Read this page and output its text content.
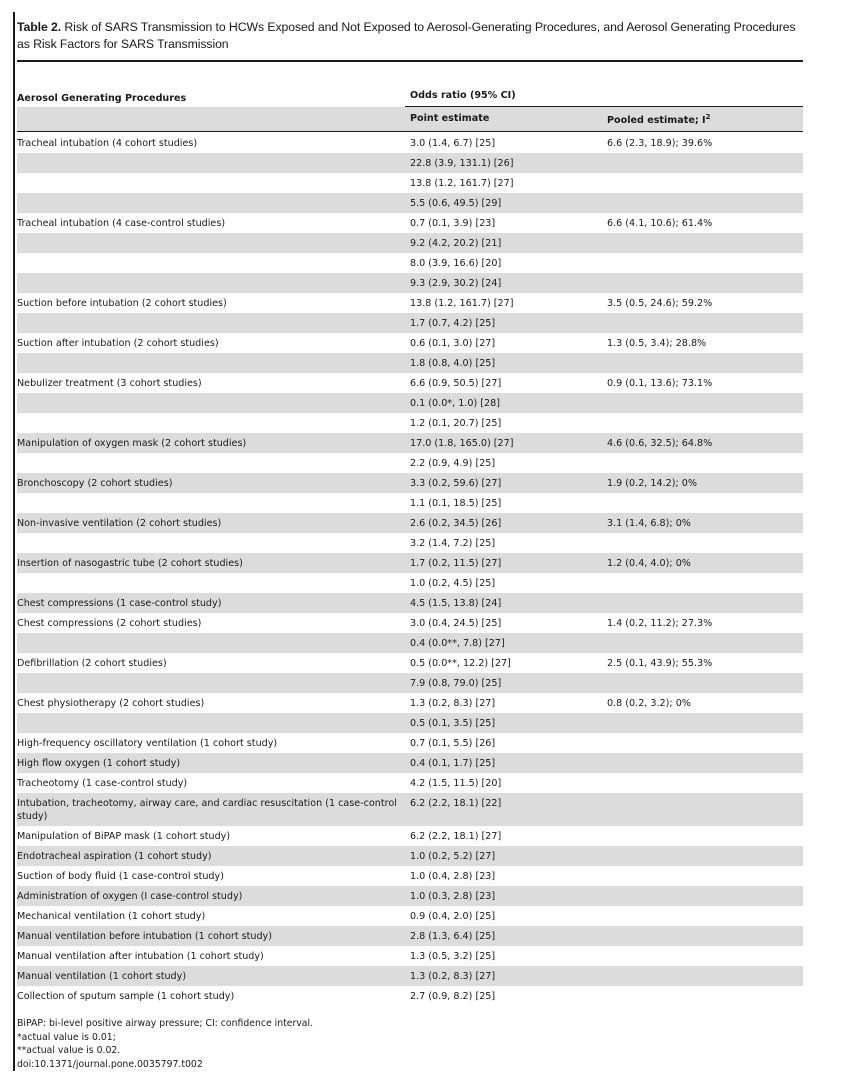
Table 2. Risk of SARS Transmission to HCWs Exposed and Not Exposed to Aerosol-Generating Procedures, and Aerosol Generating Procedures as Risk Factors for SARS Transmission
Aerosol Generating Procedures	Odds ratio (95% CI)
Point estimate	Pooled estimate; $I^2$
Tracheal intubation (4 cohort studies)	3.0 (1.4, 6.7) [25]	6.6 (2.3, 18.9); 39.6%
22.8 (3.9, 131.1) [26]
13.8 (1.2, 161.7) [27]
5.5 (0.6, 49.5) [29]
Tracheal intubation (4 case-control studies)	0.7 (0.1, 3.9) [23]	6.6 (4.1, 10.6); 61.4%
9.2 (4.2, 20.2) [21]
8.0 (3.9, 16.6) [20]
9.3 (2.9, 30.2) [24]
Suction before intubation (2 cohort studies)	13.8 (1.2, 161.7) [27]	3.5 (0.5, 24.6); 59.2%
1.7 (0.7, 4.2) [25]
Suction after intubation (2 cohort studies)	0.6 (0.1, 3.0) [27]	1.3 (0.5, 3.4); 28.8%
1.8 (0.8, 4.0) [25]
Nebulizer treatment (3 cohort studies)	6.6 (0.9, 50.5) [27]	0.9 (0.1, 13.6); 73.1%
0.1 (0.0*, 1.0) [28]
1.2 (0.1, 20.7) [25]
Manipulation of oxygen mask (2 cohort studies)	17.0 (1.8, 165.0) [27]	4.6 (0.6, 32.5); 64.8%
2.2 (0.9, 4.9) [25]
Bronchoscopy (2 cohort studies)	3.3 (0.2, 59.6) [27]	1.9 (0.2, 14.2); 0%
1.1 (0.1, 18.5) [25]
Non-invasive ventilation (2 cohort studies)	2.6 (0.2, 34.5) [26]	3.1 (1.4, 6.8); 0%
3.2 (1.4, 7.2) [25]
Insertion of nasogastric tube (2 cohort studies)	1.7 (0.2, 11.5) [27]	1.2 (0.4, 4.0); 0%
1.0 (0.2, 4.5) [25]
Chest compressions (1 case-control study)	4.5 (1.5, 13.8) [24]
Chest compressions (2 cohort studies)	3.0 (0.4, 24.5) [25]	1.4 (0.2, 11.2); 27.3%
0.4 (0.0**, 7.8) [27]
Defibrillation (2 cohort studies)	0.5 (0.0**, 12.2) [27]	2.5 (0.1, 43.9); 55.3%
7.9 (0.8, 79.0) [25]
Chest physiotherapy (2 cohort studies)	1.3 (0.2, 8.3) [27]	0.8 (0.2, 3.2); 0%
0.5 (0.1, 3.5) [25]
High-frequency oscillatory ventilation (1 cohort study)	0.7 (0.1, 5.5) [26]
High flow oxygen (1 cohort study)	0.4 (0.1, 1.7) [25]
Tracheotomy (1 case-control study)	4.2 (1.5, 11.5) [20]
Intubation, tracheotomy, airway care, and cardiac resuscitation (1 case-control study)
6.2 (2.2, 18.1) [22]
Manipulation of BiPAP mask (1 cohort study)	6.2 (2.2, 18.1) [27]
Endotracheal aspiration (1 cohort study)	1.0 (0.2, 5.2) [27]
Suction of body fluid (1 case-control study)	1.0 (0.4, 2.8) [23]
Administration of oxygen (I case-control study)	1.0 (0.3, 2.8) [23]
Mechanical ventilation (1 cohort study)	0.9 (0.4, 2.0) [25]
Manual ventilation before intubation (1 cohort study)	2.8 (1.3, 6.4) [25]
Manual ventilation after intubation (1 cohort study)	1.3 (0.5, 3.2) [25]
Manual ventilation (1 cohort study)	1.3 (0.2, 8.3) [27]
Collection of sputum sample (1 cohort study)	2.7 (0.9, 8.2) [25]
BiPAP: bi-level positive airway pressure; CI: confidence interval.
*actual value is 0.01;
**actual value is 0.02.
doi:10.1371/journal.pone.0035797.t002
